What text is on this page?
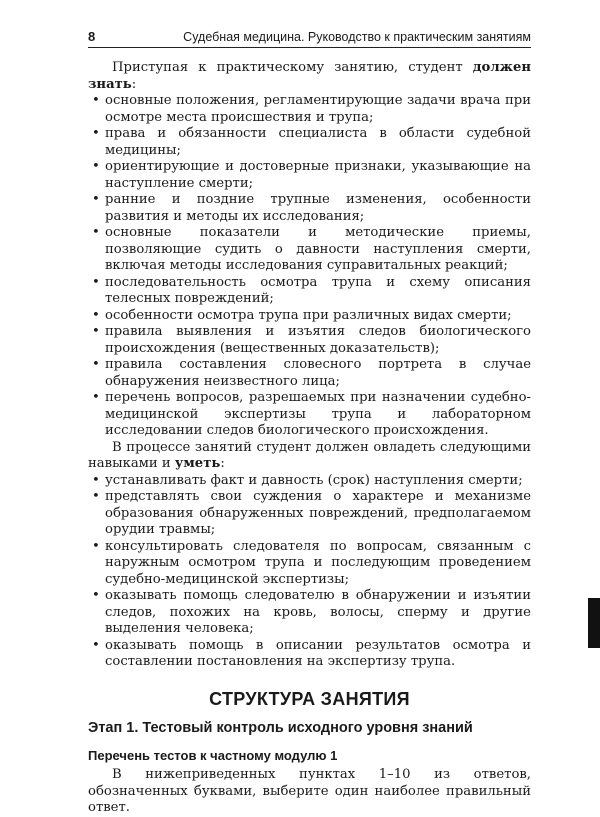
8	Судебная медицина. Руководство к практическим занятиям

Приступая к практическому занятию, студент должен знать:

• основные положения, регламентирующие задачи врача при осмотре места происшествия и трупа;
• права и обязанности специалиста в области судебной медицины;
• ориентирующие и достоверные признаки, указывающие на наступление смерти;
• ранние и поздние трупные изменения, особенности развития и методы их исследования;
• основные показатели и методические приемы, позволяющие судить о давности наступления смерти, включая методы исследования суправитальных реакций;
• последовательность осмотра трупа и схему описания телесных повреждений;
• особенности осмотра трупа при различных видах смерти;
• правила выявления и изъятия следов биологического происхождения (вещественных доказательств);
• правила составления словесного портрета в случае обнаружения неизвестного лица;
• перечень вопросов, разрешаемых при назначении судебно-медицинской экспертизы трупа и лабораторном исследовании следов биологического происхождения.

В процессе занятий студент должен овладеть следующими навыками и уметь:

• устанавливать факт и давность (срок) наступления смерти;
• представлять свои суждения о характере и механизме образования обнаруженных повреждений, предполагаемом орудии травмы;
• консультировать следователя по вопросам, связанным с наружным осмотром трупа и последующим проведением судебно-медицинской экспертизы;
• оказывать помощь следователю в обнаружении и изъятии следов, похожих на кровь, волосы, сперму и другие выделения человека;
• оказывать помощь в описании результатов осмотра и составлении постановления на экспертизу трупа.
СТРУКТУРА ЗАНЯТИЯ
Этап 1. Тестовый контроль исходного уровня знаний
Перечень тестов к частному модулю 1

В нижеприведенных пунктах 1–10 из ответов, обозначенных буквами, выберите один наиболее правильный ответ.
